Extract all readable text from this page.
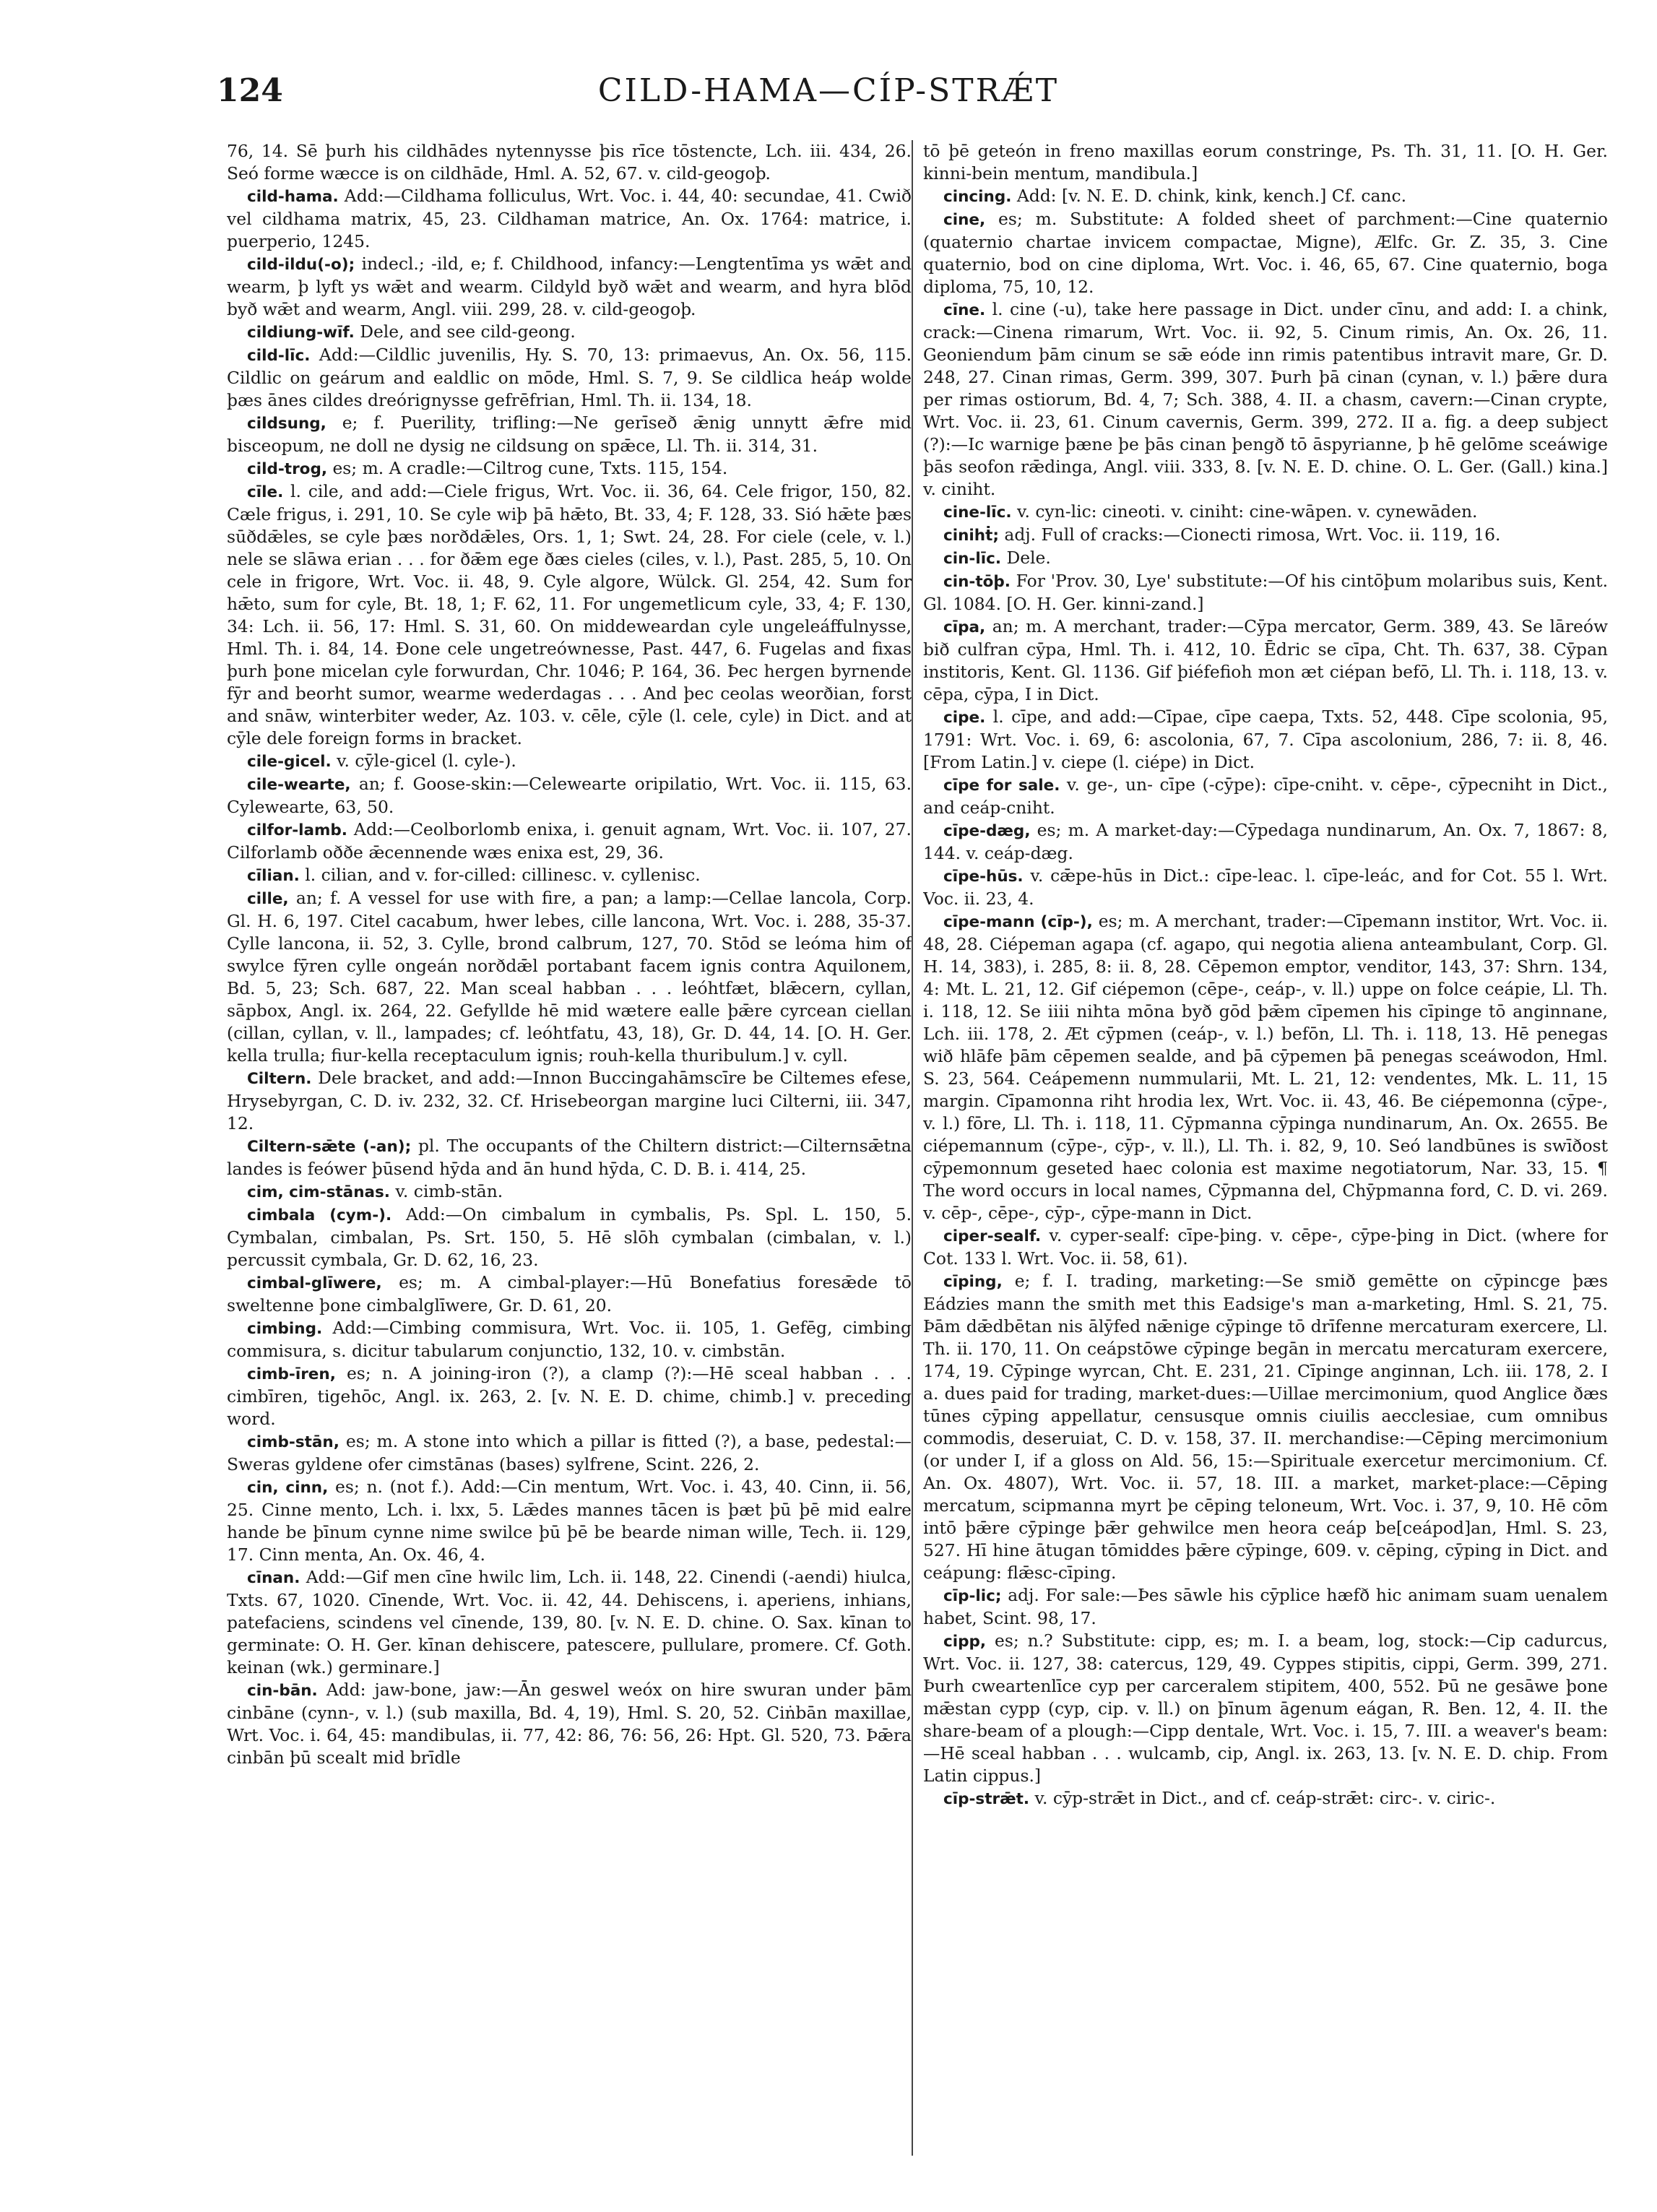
124	CILD-HAMA—CÍP-STRǼT

76, 14. Sē þurh his cildhādes nytennysse þis rīce tōstencte, Lch. iii. 434, 26. Seó forme wæcce is on cildhāde, Hml. A. 52, 67. v. cild-geogoþ.

cild-hama. Add:—Cildhama folliculus, Wrt. Voc. i. 44, 40: secundae, 41. Cwið vel cildhama matrix, 45, 23. Cildhaman matrice, An. Ox. 1764: matrice, i. puerperio, 1245.

cild-ildu(-o); indecl.; -ild, e; f. Childhood, infancy:—Lengtentīma ys wǣt and wearm, þ lyft ys wǣt and wearm. Cildyld byð wǣt and wearm, and hyra blōd byð wǣt and wearm, Angl. viii. 299, 28. v. cild-geogoþ.

cildiung-wīf. Dele, and see cild-geong.

cild-līc. Add:—Cildlic juvenilis, Hy. S. 70, 13: primaevus, An. Ox. 56, 115. Cildlic on geárum and ealdlic on mōde, Hml. S. 7, 9. Se cildlica heáp wolde þæs ānes cildes dreórignysse gefrēfrian, Hml. Th. ii. 134, 18.

cildsung, e; f. Puerility, trifling:—Ne gerīseð ǣnig unnytt ǣfre mid bisceopum, ne doll ne dysig ne cildsung on spǣce, Ll. Th. ii. 314, 31.

cild-trog, es; m. A cradle:—Ciltrog cune, Txts. 115, 154.

cīle. l. cile, and add:—Ciele frigus, Wrt. Voc. ii. 36, 64. Cele frigor, 150, 82. Cæle frigus, i. 291, 10. Se cyle wiþ þā hǣto, Bt. 33, 4; F. 128, 33. Sió hǣte þæs sūðdǣles, se cyle þæs norðdǣles, Ors. 1, 1; Swt. 24, 28. For ciele (cele, v. l.) nele se slāwa erian . . . for ðǣm ege ðæs cieles (ciles, v. l.), Past. 285, 5, 10. On cele in frigore, Wrt. Voc. ii. 48, 9. Cyle algore, Wülck. Gl. 254, 42. Sum for hǣto, sum for cyle, Bt. 18, 1; F. 62, 11. For ungemetlicum cyle, 33, 4; F. 130, 34: Lch. ii. 56, 17: Hml. S. 31, 60. On middeweardan cyle ungeleáffulnysse, Hml. Th. i. 84, 14. Ðone cele ungetreównesse, Past. 447, 6. Fugelas and fixas þurh þone micelan cyle forwurdan, Chr. 1046; P. 164, 36. Þec hergen byrnende fȳr and beorht sumor, wearme wederdagas . . . And þec ceolas weorðian, forst and snāw, winterbiter weder, Az. 103. v. cēle, cȳle (l. cele, cyle) in Dict. and at cȳle dele foreign forms in bracket.

cile-gicel. v. cȳle-gicel (l. cyle-).

cile-wearte, an; f. Goose-skin:—Celewearte oripilatio, Wrt. Voc. ii. 115, 63. Cylewearte, 63, 50.

cilfor-lamb. Add:—Ceolborlomb enixa, i. genuit agnam, Wrt. Voc. ii. 107, 27. Cilforlamb oððe ǣcennende wæs enixa est, 29, 36.

cīlian. l. cilian, and v. for-cilled: cillinesc. v. cyllenisc.

cille, an; f. A vessel for use with fire, a pan; a lamp:—Cellae lancola, Corp. Gl. H. 6, 197. Citel cacabum, hwer lebes, cille lancona, Wrt. Voc. i. 288, 35-37. Cylle lancona, ii. 52, 3. Cylle, brond calbrum, 127, 70. Stōd se leóma him of swylce fȳren cylle ongeán norðdǣl portabant facem ignis contra Aquilonem, Bd. 5, 23; Sch. 687, 22. Man sceal habban . . . leóhtfæt, blǣcern, cyllan, sāpbox, Angl. ix. 264, 22. Gefyllde hē mid wætere ealle þǣre cyrcean ciellan (cillan, cyllan, v. ll., lampades; cf. leóhtfatu, 43, 18), Gr. D. 44, 14. [O. H. Ger. kella trulla; fiur-kella receptaculum ignis; rouh-kella thuribulum.] v. cyll.

Ciltern. Dele bracket, and add:—Innon Buccingahāmscīre be Ciltemes efese, Hrysebyrgan, C. D. iv. 232, 32. Cf. Hrisebeorgan margine luci Cilterni, iii. 347, 12.

Ciltern-sǣte (-an); pl. The occupants of the Chiltern district:—Cilternsǣtna landes is feówer þūsend hȳda and ān hund hȳda, C. D. B. i. 414, 25.

cim, cim-stānas. v. cimb-stān.

cimbala (cym-). Add:—On cimbalum in cymbalis, Ps. Spl. L. 150, 5. Cymbalan, cimbalan, Ps. Srt. 150, 5. Hē slōh cymbalan (cimbalan, v. l.) percussit cymbala, Gr. D. 62, 16, 23.

cimbal-glīwere, es; m. A cimbal-player:—Hū Bonefatius foresǣde tō sweltenne þone cimbalglīwere, Gr. D. 61, 20.

cimbing. Add:—Cimbing commisura, Wrt. Voc. ii. 105, 1. Gefēg, cimbing commisura, s. dicitur tabularum conjunctio, 132, 10. v. cimbstān.

cimb-īren, es; n. A joining-iron (?), a clamp (?):—Hē sceal habban . . . cimbīren, tigehōc, Angl. ix. 263, 2. [v. N. E. D. chime, chimb.] v. preceding word.

cimb-stān, es; m. A stone into which a pillar is fitted (?), a base, pedestal:—Sweras gyldene ofer cimstānas (bases) sylfrene, Scint. 226, 2.

cin, cinn, es; n. (not f.). Add:—Cin mentum, Wrt. Voc. i. 43, 40. Cinn, ii. 56, 25. Cinne mento, Lch. i. lxx, 5. Lǣdes mannes tācen is þæt þū þē mid ealre hande be þīnum cynne nime swilce þū þē be bearde niman wille, Tech. ii. 129, 17. Cinn menta, An. Ox. 46, 4.

cīnan. Add:—Gif men cīne hwilc lim, Lch. ii. 148, 22. Cinendi (-aendi) hiulca, Txts. 67, 1020. Cīnende, Wrt. Voc. ii. 42, 44. Dehiscens, i. aperiens, inhians, patefaciens, scindens vel cīnende, 139, 80. [v. N. E. D. chine. O. Sax. kīnan to germinate: O. H. Ger. kīnan dehiscere, patescere, pullulare, promere. Cf. Goth. keinan (wk.) germinare.]

cin-bān. Add: jaw-bone, jaw:—Ān geswel weóx on hire swuran under þām cinbāne (cynn-, v. l.) (sub maxilla, Bd. 4, 19), Hml. S. 20, 52. Ciṅbān maxillae, Wrt. Voc. i. 64, 45: mandibulas, ii. 77, 42: 86, 76: 56, 26: Hpt. Gl. 520, 73. Þǣra cinbān þū scealt mid brīdle

tō þē geteón in freno maxillas eorum constringe, Ps. Th. 31, 11. [O. H. Ger. kinni-bein mentum, mandibula.]

cincing. Add: [v. N. E. D. chink, kink, kench.] Cf. canc.

cine, es; m. Substitute: A folded sheet of parchment:—Cine quaternio (quaternio chartae invicem compactae, Migne), Ælfc. Gr. Z. 35, 3. Cine quaternio, bod on cine diploma, Wrt. Voc. i. 46, 65, 67. Cine quaternio, boga diploma, 75, 10, 12.

cīne. l. cine (-u), take here passage in Dict. under cīnu, and add: I. a chink, crack:—Cinena rimarum, Wrt. Voc. ii. 92, 5. Cinum rimis, An. Ox. 26, 11. Geoniendum þām cinum se sǣ eóde inn rimis patentibus intravit mare, Gr. D. 248, 27. Cinan rimas, Germ. 399, 307. Þurh þā cinan (cynan, v. l.) þǣre dura per rimas ostiorum, Bd. 4, 7; Sch. 388, 4. II. a chasm, cavern:—Cinan crypte, Wrt. Voc. ii. 23, 61. Cinum cavernis, Germ. 399, 272. II a. fig. a deep subject (?):—Ic warnige þæne þe þās cinan þengð tō āspyrianne, þ hē gelōme sceáwige þās seofon rǣdinga, Angl. viii. 333, 8. [v. N. E. D. chine. O. L. Ger. (Gall.) kina.] v. ciniht.

cine-līc. v. cyn-lic: cineoti. v. ciniht: cine-wāpen. v. cynewāden.

cinihṫ; adj. Full of cracks:—Cionecti rimosa, Wrt. Voc. ii. 119, 16.

cin-līc. Dele.

cin-tōþ. For 'Prov. 30, Lye' substitute:—Of his cintōþum molaribus suis, Kent. Gl. 1084. [O. H. Ger. kinni-zand.]

cīpa, an; m. A merchant, trader:—Cȳpa mercator, Germ. 389, 43. Se lāreów bið culfran cȳpa, Hml. Th. i. 412, 10. Ēdric se cīpa, Cht. Th. 637, 38. Cȳpan institoris, Kent. Gl. 1136. Gif þiéfefioh mon æt ciépan befō, Ll. Th. i. 118, 13. v. cēpa, cȳpa, I in Dict.

cipe. l. cīpe, and add:—Cīpae, cīpe caepa, Txts. 52, 448. Cīpe scolonia, 95, 1791: Wrt. Voc. i. 69, 6: ascolonia, 67, 7. Cīpa ascolonium, 286, 7: ii. 8, 46. [From Latin.] v. ciepe (l. ciépe) in Dict.

cīpe for sale. v. ge-, un- cīpe (-cȳpe): cīpe-cniht. v. cēpe-, cȳpecniht in Dict., and ceáp-cniht.

cīpe-dæg, es; m. A market-day:—Cȳpedaga nundinarum, An. Ox. 7, 1867: 8, 144. v. ceáp-dæg.

cīpe-hūs. v. cǣpe-hūs in Dict.: cīpe-leac. l. cīpe-leác, and for Cot. 55 l. Wrt. Voc. ii. 23, 4.

cīpe-mann (cīp-), es; m. A merchant, trader:—Cīpemann institor, Wrt. Voc. ii. 48, 28. Ciépeman agapa (cf. agapo, qui negotia aliena anteambulant, Corp. Gl. H. 14, 383), i. 285, 8: ii. 8, 28. Cēpemon emptor, venditor, 143, 37: Shrn. 134, 4: Mt. L. 21, 12. Gif ciépemon (cēpe-, ceáp-, v. ll.) uppe on folce ceápie, Ll. Th. i. 118, 12. Se iiii nihta mōna byð gōd þǣm cīpemen his cīpinge tō anginnane, Lch. iii. 178, 2. Æt cȳpmen (ceáp-, v. l.) befōn, Ll. Th. i. 118, 13. Hē penegas wið hlāfe þām cēpemen sealde, and þā cȳpemen þā penegas sceáwodon, Hml. S. 23, 564. Ceápemenn nummularii, Mt. L. 21, 12: vendentes, Mk. L. 11, 15 margin. Cīpamonna riht hrodia lex, Wrt. Voc. ii. 43, 46. Be ciépemonna (cȳpe-, v. l.) fōre, Ll. Th. i. 118, 11. Cȳpmanna cȳpinga nundinarum, An. Ox. 2655. Be ciépemannum (cȳpe-, cȳp-, v. ll.), Ll. Th. i. 82, 9, 10. Seó landbūnes is swīðost cȳpemonnum geseted haec colonia est maxime negotiatorum, Nar. 33, 15. ¶ The word occurs in local names, Cȳpmanna del, Chȳpmanna ford, C. D. vi. 269. v. cēp-, cēpe-, cȳp-, cȳpe-mann in Dict.

ciper-sealf. v. cyper-sealf: cīpe-þing. v. cēpe-, cȳpe-þing in Dict. (where for Cot. 133 l. Wrt. Voc. ii. 58, 61).

cīping, e; f. I. trading, marketing:—Se smið gemētte on cȳpincge þæs Eádzies mann the smith met this Eadsige's man a-marketing, Hml. S. 21, 75. Þām dǣdbētan nis ālȳfed nǣnige cȳpinge tō drīfenne mercaturam exercere, Ll. Th. ii. 170, 11. On ceápstōwe cȳpinge begān in mercatu mercaturam exercere, 174, 19. Cȳpinge wyrcan, Cht. E. 231, 21. Cīpinge anginnan, Lch. iii. 178, 2. I a. dues paid for trading, market-dues:—Uillae mercimonium, quod Anglice ðæs tūnes cȳping appellatur, censusque omnis ciuilis aecclesiae, cum omnibus commodis, deseruiat, C. D. v. 158, 37. II. merchandise:—Cēping mercimonium (or under I, if a gloss on Ald. 56, 15:—Spirituale exercetur mercimonium. Cf. An. Ox. 4807), Wrt. Voc. ii. 57, 18. III. a market, market-place:—Cēping mercatum, scipmanna myrt þe cēping teloneum, Wrt. Voc. i. 37, 9, 10. Hē cōm intō þǣre cȳpinge þǣr gehwilce men heora ceáp be[ceápod]an, Hml. S. 23, 527. Hī hine ātugan tōmiddes þǣre cȳpinge, 609. v. cēping, cȳping in Dict. and ceápung: flǣsc-cīping.

cīp-lic; adj. For sale:—Þes sāwle his cȳplice hæfð hic animam suam uenalem habet, Scint. 98, 17.

cipp, es; n.? Substitute: cipp, es; m. I. a beam, log, stock:—Cip cadurcus, Wrt. Voc. ii. 127, 38: catercus, 129, 49. Cyppes stipitis, cippi, Germ. 399, 271. Þurh cweartenlīce cyp per carceralem stipitem, 400, 552. Þū ne gesāwe þone mǣstan cypp (cyp, cip. v. ll.) on þīnum āgenum eágan, R. Ben. 12, 4. II. the share-beam of a plough:—Cipp dentale, Wrt. Voc. i. 15, 7. III. a weaver's beam:—Hē sceal habban . . . wulcamb, cip, Angl. ix. 263, 13. [v. N. E. D. chip. From Latin cippus.]

cīp-strǣt. v. cȳp-strǣt in Dict., and cf. ceáp-strǣt: circ-. v. ciric-.
